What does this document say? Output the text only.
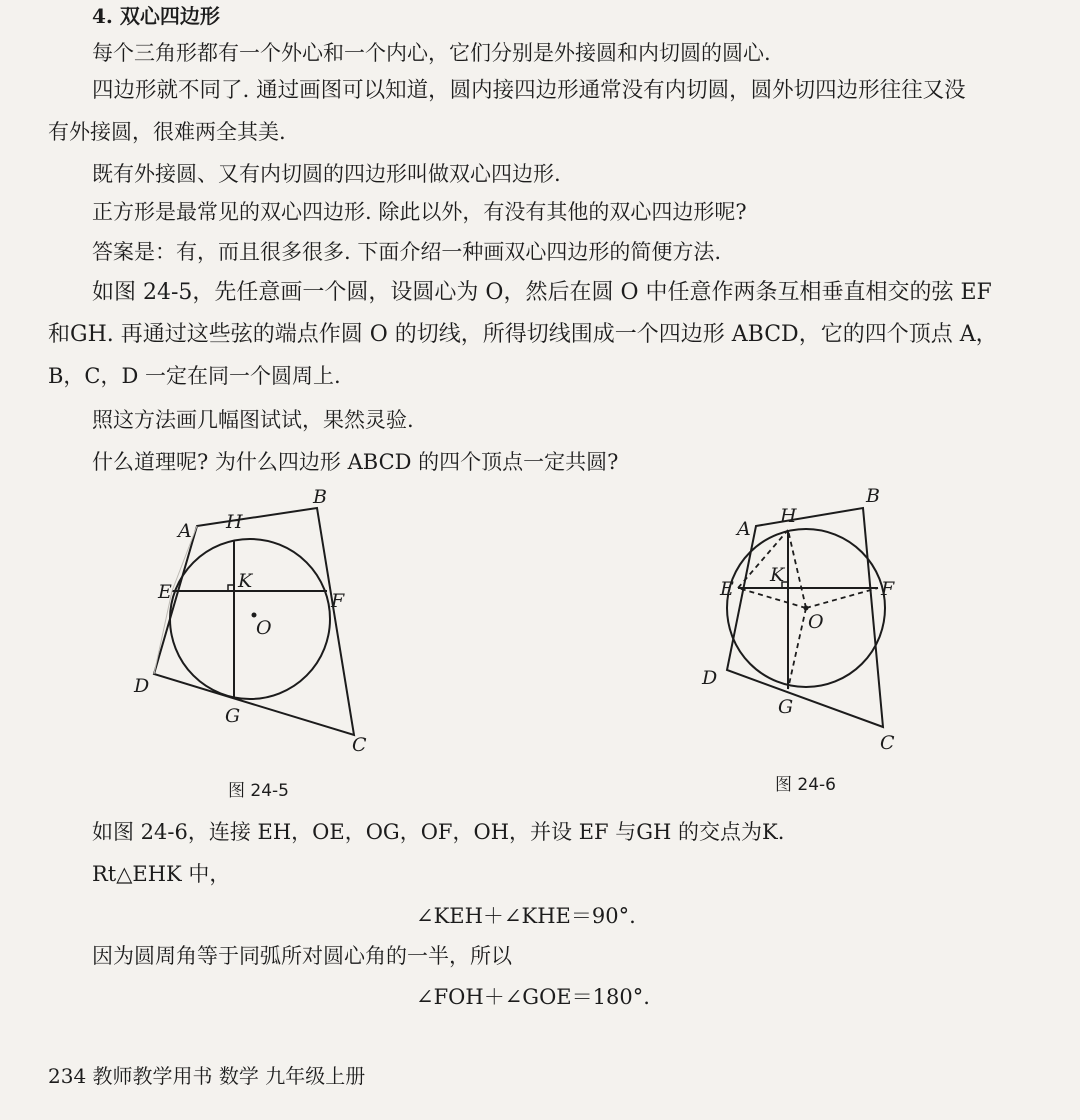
4. 双心四边形
每个三角形都有一个外心和一个内心，它们分别是外接圆和内切圆的圆心.
四边形就不同了. 通过画图可以知道，圆内接四边形通常没有内切圆，圆外切四边形往往又没
有外接圆，很难两全其美.
既有外接圆、又有内切圆的四边形叫做双心四边形.
正方形是最常见的双心四边形. 除此以外，有没有其他的双心四边形呢?
答案是：有，而且很多很多. 下面介绍一种画双心四边形的简便方法.
如图 24-5，先任意画一个圆，设圆心为 O，然后在圆 O 中任意作两条互相垂直相交的弦 EF
和GH. 再通过这些弦的端点作圆 O 的切线，所得切线围成一个四边形 ABCD，它的四个顶点 A，
B，C，D 一定在同一个圆周上.
照这方法画几幅图试试，果然灵验.
什么道理呢? 为什么四边形 ABCD 的四个顶点一定共圆?
A H
B
E	K
F
O
D
G
C
A
H
B
E
K
F
O
D
G
C
图 24-5	图 24-6
如图 24-6，连接 EH，OE，OG，OF，OH，并设 EF 与GH 的交点为K.
Rt△EHK 中，
∠KEH＋∠KHE＝90°.
因为圆周角等于同弧所对圆心角的一半，所以
∠FOH＋∠GOE＝180°.
234 教师教学用书 数学 九年级上册
